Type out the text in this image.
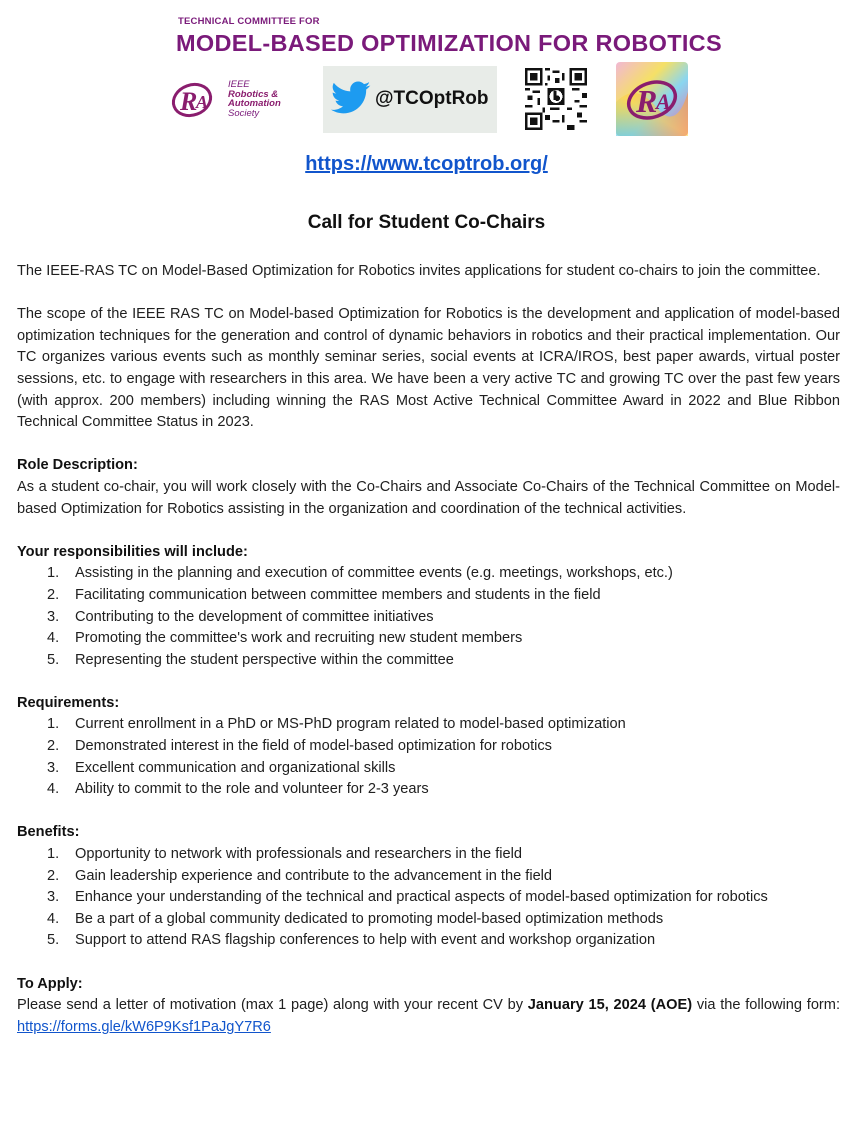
TECHNICAL COMMITTEE FOR
MODEL-BASED OPTIMIZATION FOR ROBOTICS
R
A
IEEE
Robotics &
Automation
Society
@TCOptRob	R
A
https://www.tcoptrob.org/
Call for Student Co-Chairs

The IEEE-RAS TC on Model-Based Optimization for Robotics invites applications for student co-chairs to join the committee.

The scope of the IEEE RAS TC on Model-based Optimization for Robotics is the development and application of model-based optimization techniques for the generation and control of dynamic behaviors in robotics and their practical implementation. Our TC organizes various events such as monthly seminar series, social events at ICRA/IROS, best paper awards, virtual poster sessions, etc. to engage with researchers in this area. We have been a very active TC and growing TC over the past few years (with approx. 200 members) including winning the RAS Most Active Technical Committee Award in 2022 and Blue Ribbon Technical Committee Status in 2023.

Role Description:

As a student co-chair, you will work closely with the Co-Chairs and Associate Co-Chairs of the Technical Committee on Model-based Optimization for Robotics assisting in the organization and coordination of the technical activities.

Your responsibilities will include:
1. Assisting in the planning and execution of committee events (e.g. meetings, workshops, etc.)
2. Facilitating communication between committee members and students in the field
3. Contributing to the development of committee initiatives
4. Promoting the committee's work and recruiting new student members
5. Representing the student perspective within the committee
Requirements:
1. Current enrollment in a PhD or MS-PhD program related to model-based optimization
2. Demonstrated interest in the field of model-based optimization for robotics
3. Excellent communication and organizational skills
4. Ability to commit to the role and volunteer for 2-3 years
Benefits:
1. Opportunity to network with professionals and researchers in the field
2. Gain leadership experience and contribute to the advancement in the field
3. Enhance your understanding of the technical and practical aspects of model-based optimization for robotics
4. Be a part of a global community dedicated to promoting model-based optimization methods
5. Support to attend RAS flagship conferences to help with event and workshop organization
To Apply:

Please send a letter of motivation (max 1 page) along with your recent CV by January 15, 2024 (AOE) via the following form: https://forms.gle/kW6P9Ksf1PaJgY7R6
